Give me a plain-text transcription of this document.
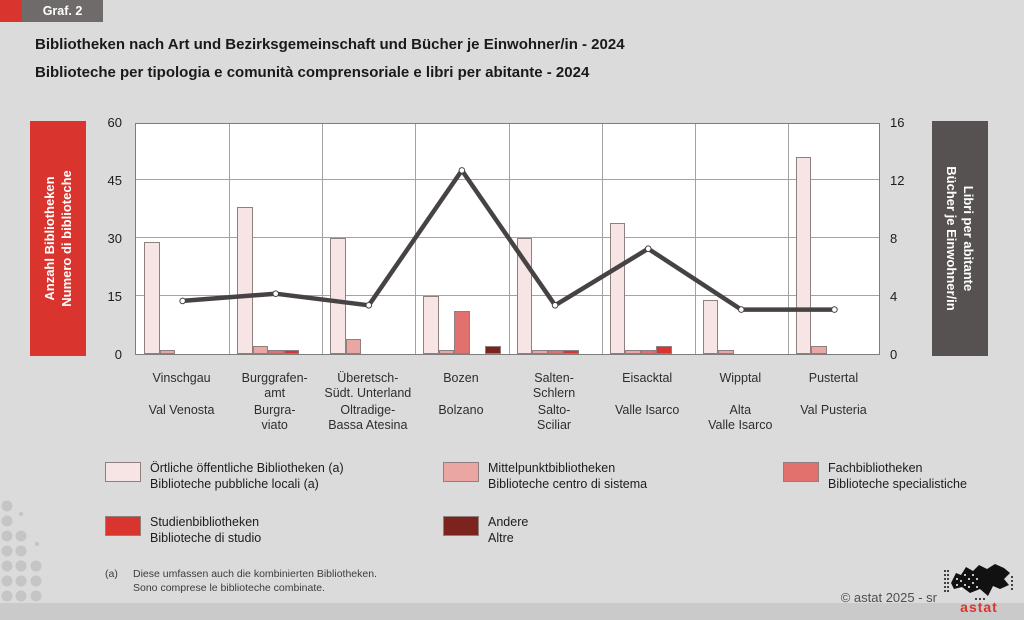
Graf. 2
Bibliotheken nach Art und Bezirksgemeinschaft und Bücher je Einwohner/in - 2024
Biblioteche per tipologia e comunità comprensoriale e libri per abitante - 2024
Anzahl Bibliotheken Numero di biblioteche	Libri per abitante
Bücher je Einwohner/in
0
15
30
45
60
0
4
8
12
16
Vinschgau
Val Venosta
Burggrafen-
amt
Burgra-
viato
Überetsch-
Südt. Unterland
Oltradige-
Bassa Atesina
Bozen
Bolzano
Salten-
Schlern
Salto-
Sciliar
Eisacktal
Valle Isarco
Wipptal
Alta
Valle Isarco
Pustertal
Val Pusteria
Örtliche öffentliche Bibliotheken (a)
Biblioteche pubbliche locali (a)
Mittelpunktbibliotheken
Biblioteche centro di sistema
Fachbibliotheken
Biblioteche specialistiche
Studienbibliotheken
Biblioteche di studio
Andere
Altre
(a)	Diese umfassen auch die kombinierten Bibliotheken.
Sono comprese le biblioteche combinate.
© astat 2025 - sr
astat
